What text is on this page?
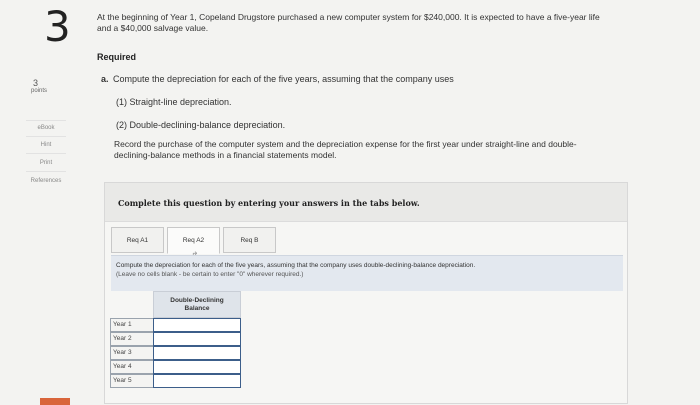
3
3
points
eBook
Hint
Print
References
At the beginning of Year 1, Copeland Drugstore purchased a new computer system for $240,000. It is expected to have a five-year life
and a $40,000 salvage value.
Required
a. Compute the depreciation for each of the five years, assuming that the company uses
(1) Straight-line depreciation.
(2) Double-declining-balance depreciation.
Record the purchase of the computer system and the depreciation expense for the first year under straight-line and double-
declining-balance methods in a financial statements model.
Complete this question by entering your answers in the tabs below.
Req A1	Req A2	Req B
Compute the depreciation for each of the five years, assuming that the company uses double-declining-balance depreciation.
(Leave no cells blank - be certain to enter "0" wherever required.)
Double-Declining
Balance
Year 1
Year 2
Year 3
Year 4
Year 5
